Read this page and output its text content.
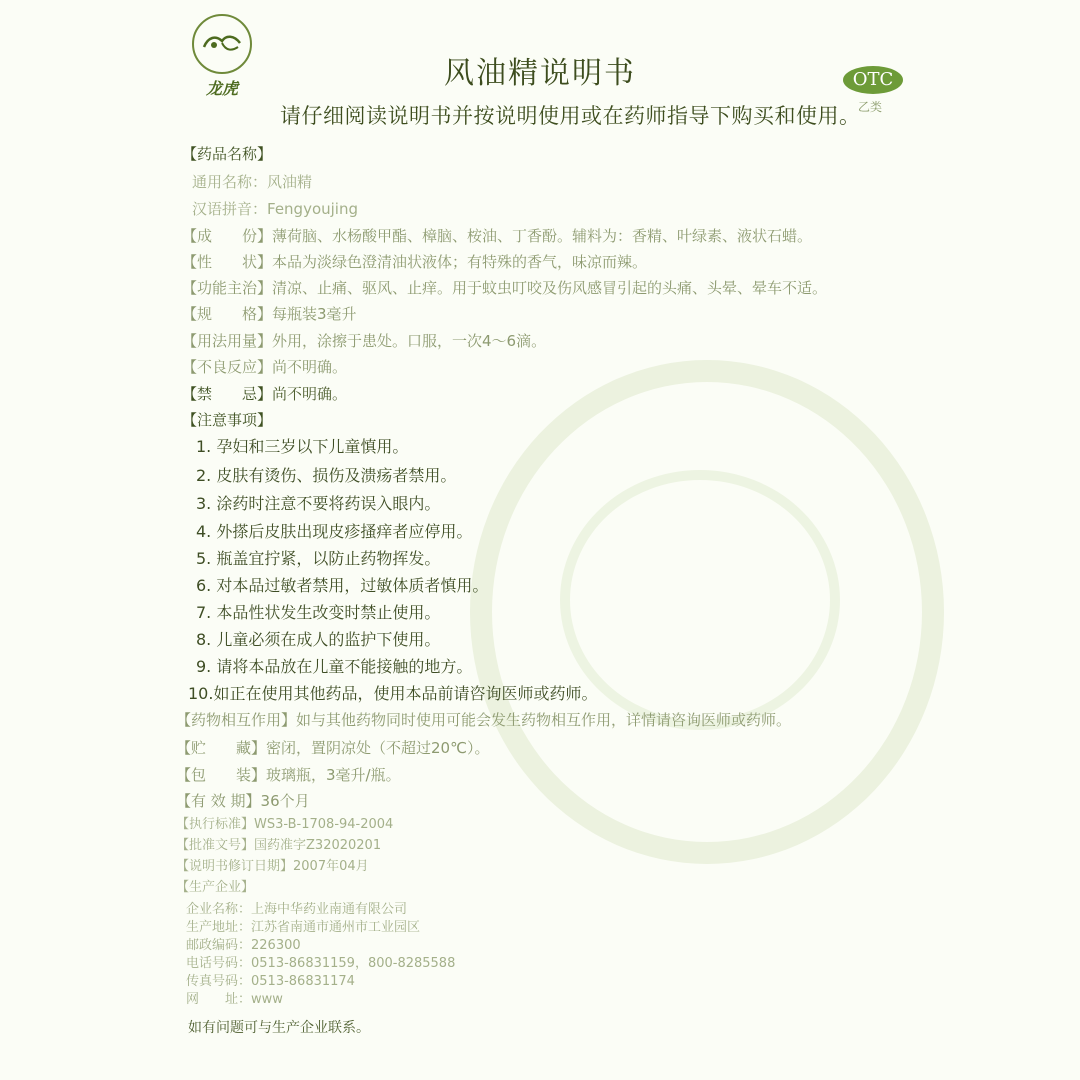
龙虎	风油精说明书
请仔细阅读说明书并按说明使用或在药师指导下购买和使用。
OTC
乙类
【药品名称】
通用名称：风油精
汉语拼音：Fengyoujing
【成　　份】薄荷脑、水杨酸甲酯、樟脑、桉油、丁香酚。辅料为：香精、叶绿素、液状石蜡。
【性　　状】本品为淡绿色澄清油状液体；有特殊的香气，味凉而辣。
【功能主治】清凉、止痛、驱风、止痒。用于蚊虫叮咬及伤风感冒引起的头痛、头晕、晕车不适。
【规　　格】每瓶装3毫升
【用法用量】外用，涂擦于患处。口服，一次4～6滴。
【不良反应】尚不明确。
【禁　　忌】尚不明确。
【注意事项】
1. 孕妇和三岁以下儿童慎用。
2. 皮肤有烫伤、损伤及溃疡者禁用。
3. 涂药时注意不要将药误入眼内。
4. 外搽后皮肤出现皮疹搔痒者应停用。
5. 瓶盖宜拧紧，以防止药物挥发。
6. 对本品过敏者禁用，过敏体质者慎用。
7. 本品性状发生改变时禁止使用。
8. 儿童必须在成人的监护下使用。
9. 请将本品放在儿童不能接触的地方。
10.如正在使用其他药品，使用本品前请咨询医师或药师。
【药物相互作用】如与其他药物同时使用可能会发生药物相互作用，详情请咨询医师或药师。
【贮　　藏】密闭，置阴凉处（不超过20℃）。
【包　　装】玻璃瓶，3毫升/瓶。
【有 效 期】36个月
【执行标准】WS3-B-1708-94-2004
【批准文号】国药准字Z32020201
【说明书修订日期】2007年04月
【生产企业】
企业名称：上海中华药业南通有限公司
生产地址：江苏省南通市通州市工业园区
邮政编码：226300
电话号码：0513-86831159，800-8285588
传真号码：0513-86831174
网　　址：www
如有问题可与生产企业联系。
